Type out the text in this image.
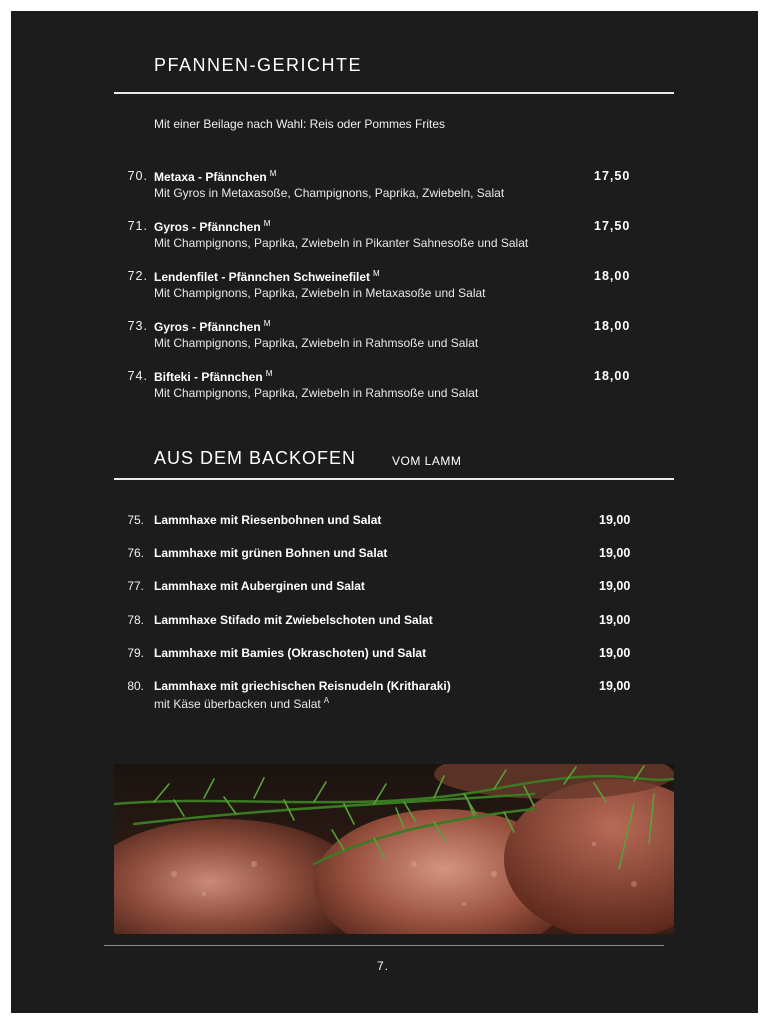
PFANNEN-GERICHTE
Mit einer Beilage nach Wahl: Reis oder Pommes Frites
70. Metaxa - Pfännchen $^M$
Mit Gyros in Metaxasoße, Champignons, Paprika, Zwiebeln, Salat
17,50
71. Gyros - Pfännchen $^M$
Mit Champignons, Paprika, Zwiebeln in Pikanter Sahnesoße und Salat
17,50
72. Lendenfilet - Pfännchen Schweinefilet $^M$
Mit Champignons, Paprika, Zwiebeln in Metaxasoße und Salat
18,00
73. Gyros - Pfännchen $^M$
Mit Champignons, Paprika, Zwiebeln in Rahmsoße und Salat
18,00
74. Bifteki - Pfännchen $^M$
Mit Champignons, Paprika, Zwiebeln in Rahmsoße und Salat
18,00
AUS DEM BACKOFEN	VOM LAMM
75. Lammhaxe mit Riesenbohnen und Salat	19,00
76. Lammhaxe mit grünen Bohnen und Salat	19,00
77. Lammhaxe mit Auberginen und Salat	19,00
78. Lammhaxe Stifado mit Zwiebelschoten und Salat	19,00
79. Lammhaxe mit Bamies (Okraschoten) und Salat	19,00
80. Lammhaxe mit griechischen Reisnudeln (Kritharaki)
mit Käse überbacken und Salat $^A$
19,00
7.
